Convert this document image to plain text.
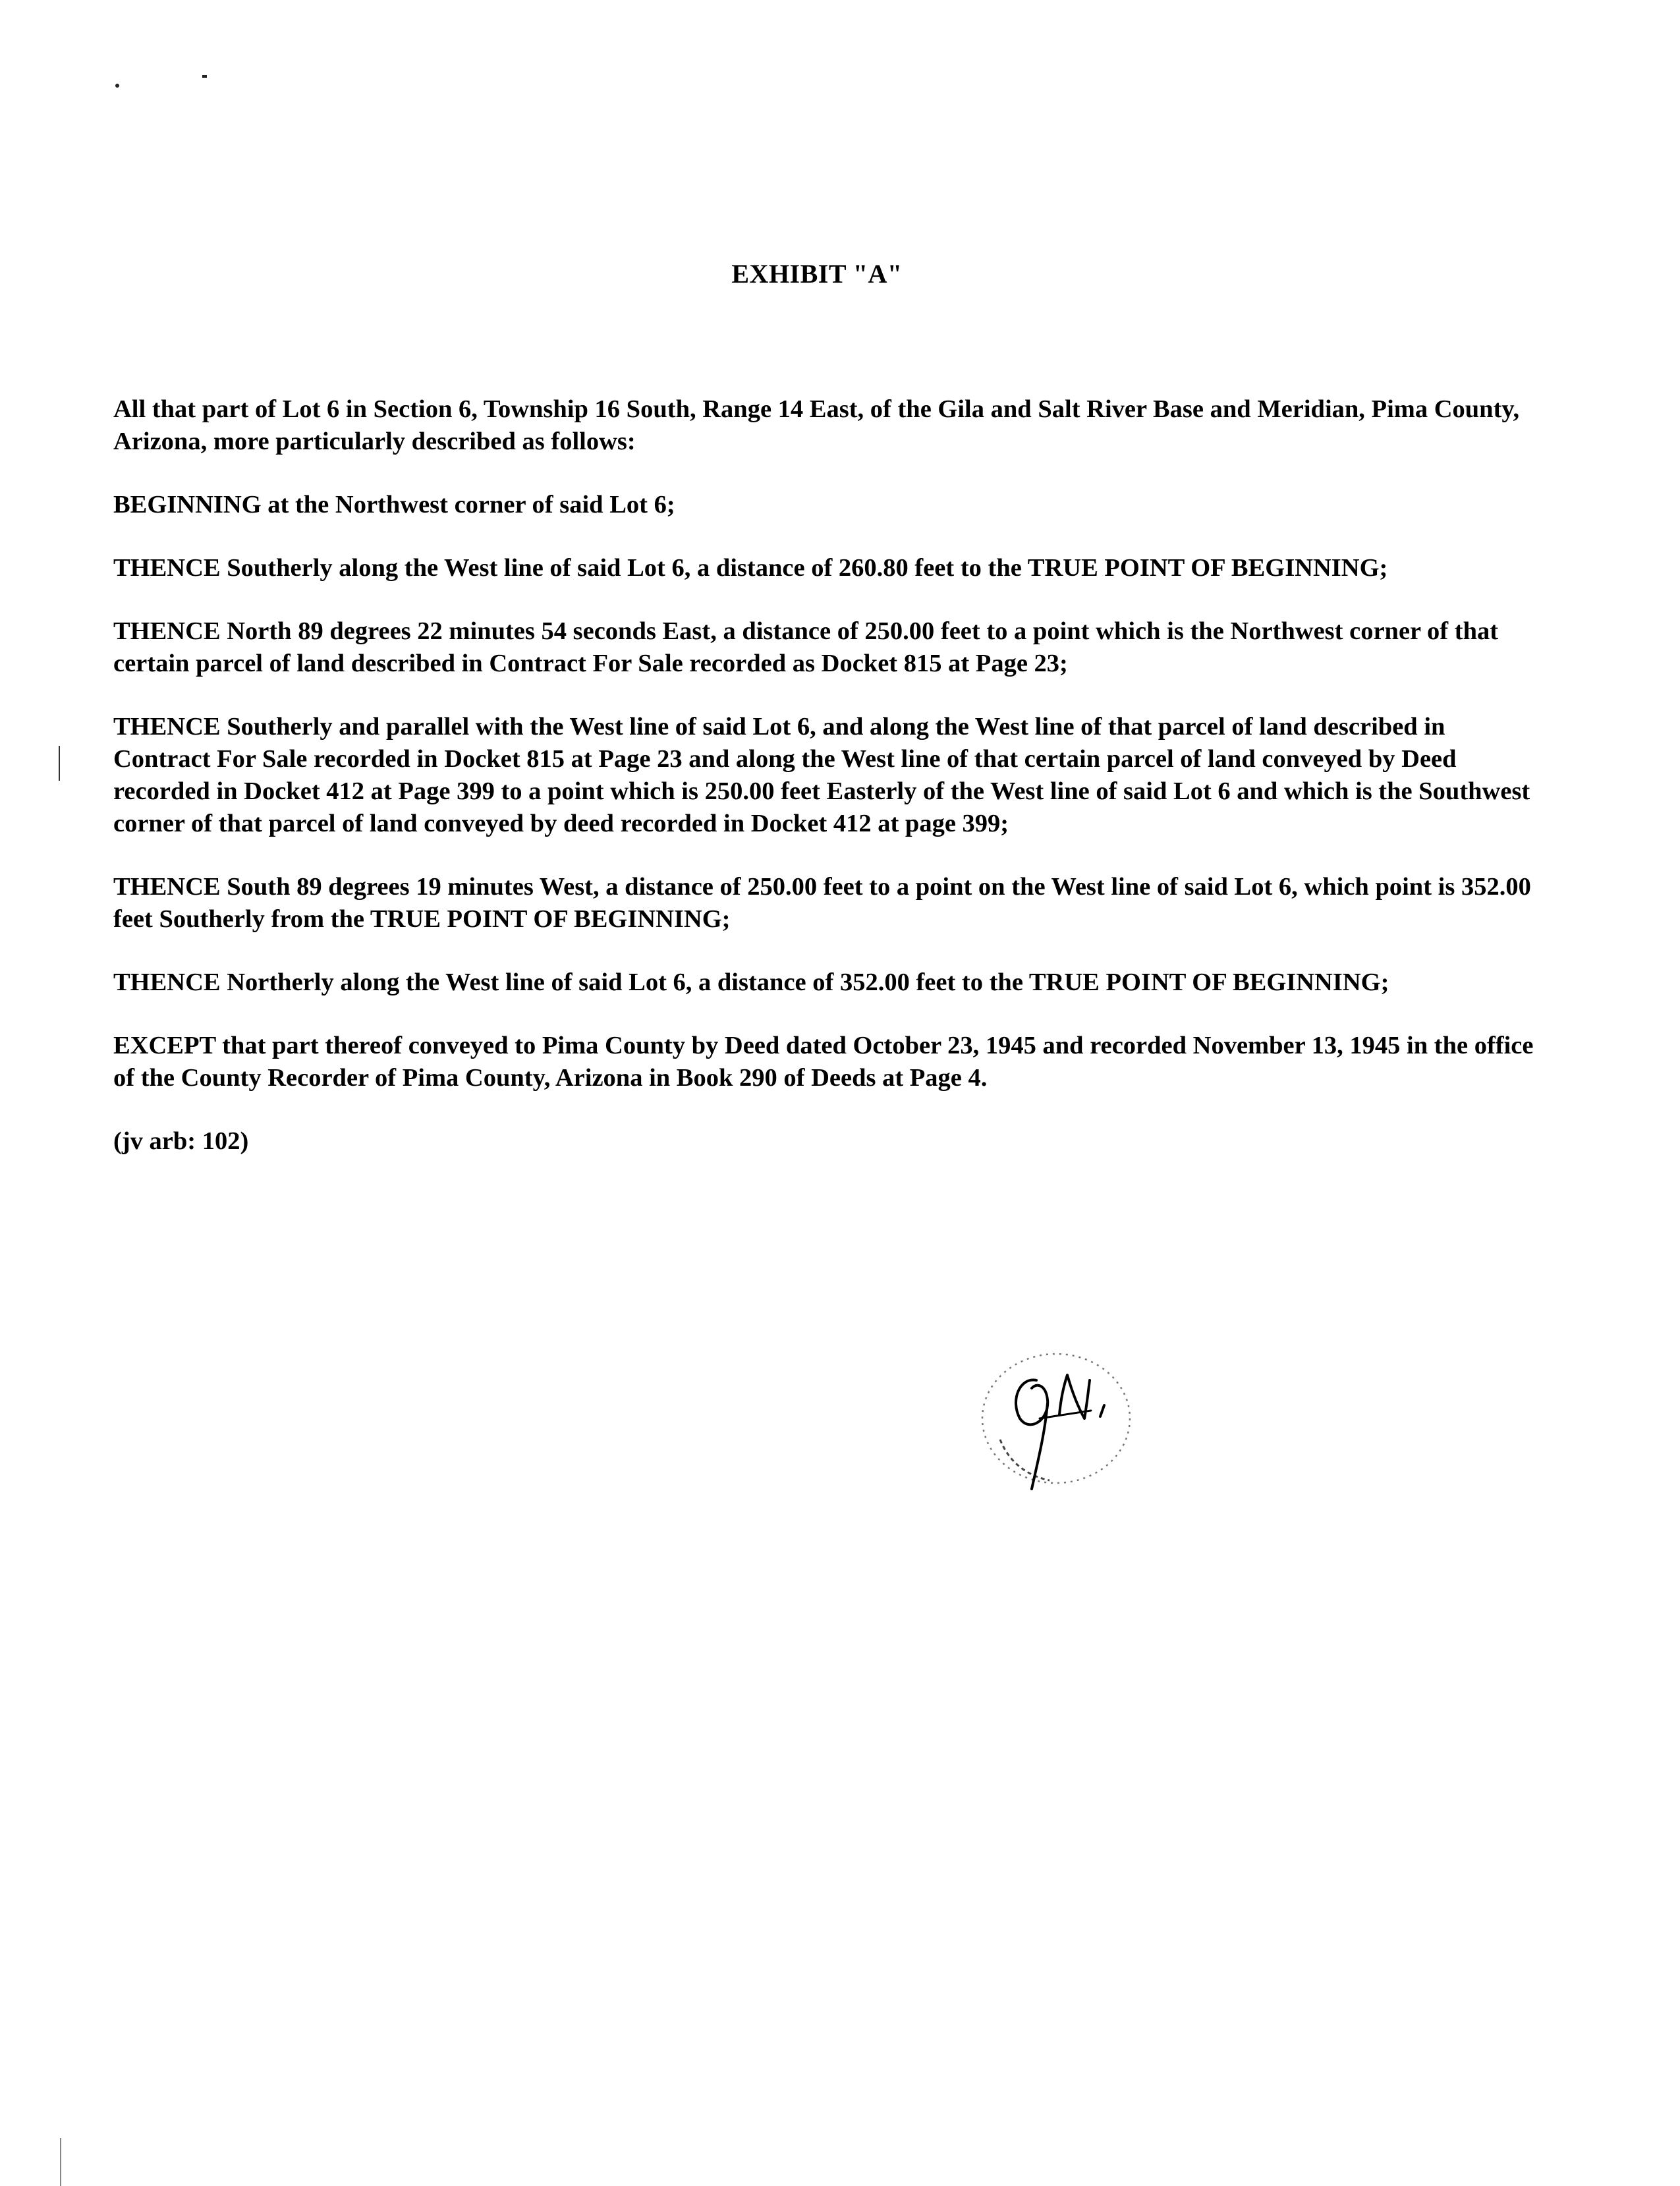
EXHIBIT "A"

All that part of Lot 6 in Section 6, Township 16 South, Range 14 East, of the Gila and Salt River Base and Meridian, Pima County, Arizona, more particularly described as follows:

BEGINNING at the Northwest corner of said Lot 6;

THENCE Southerly along the West line of said Lot 6, a distance of 260.80 feet to the TRUE POINT OF BEGINNING;

THENCE North 89 degrees 22 minutes 54 seconds East, a distance of 250.00 feet to a point which is the Northwest corner of that certain parcel of land described in Contract For Sale recorded as Docket 815 at Page 23;

THENCE Southerly and parallel with the West line of said Lot 6, and along the West line of that parcel of land described in Contract For Sale recorded in Docket 815 at Page 23 and along the West line of that certain parcel of land conveyed by Deed recorded in Docket 412 at Page 399 to a point which is 250.00 feet Easterly of the West line of said Lot 6 and which is the Southwest corner of that parcel of land conveyed by deed recorded in Docket 412 at page 399;

THENCE South 89 degrees 19 minutes West, a distance of 250.00 feet to a point on the West line of said Lot 6, which point is 352.00 feet Southerly from the TRUE POINT OF BEGINNING;

THENCE Northerly along the West line of said Lot 6, a distance of 352.00 feet to the TRUE POINT OF BEGINNING;

EXCEPT that part thereof conveyed to Pima County by Deed dated October 23, 1945 and recorded November 13, 1945 in the office of the County Recorder of Pima County, Arizona in Book 290 of Deeds at Page 4.

(jv arb: 102)
